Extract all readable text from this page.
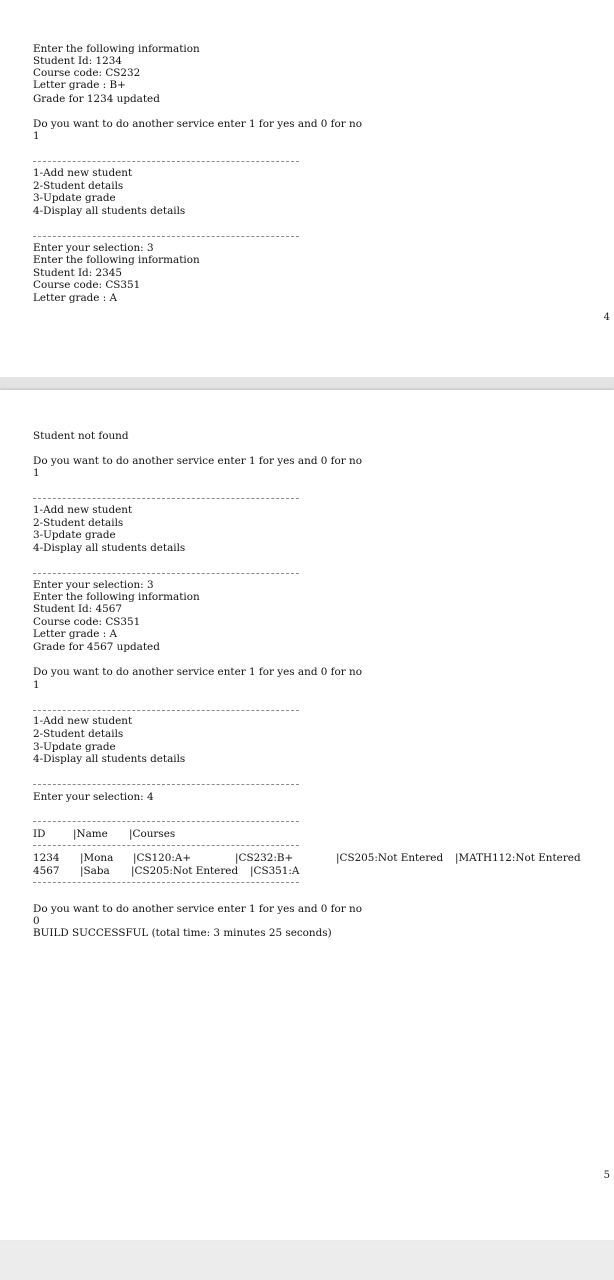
Enter the following information
Student Id: 1234
Course code: CS232
Letter grade : B+
Grade for 1234 updated
Do you want to do another service enter 1 for yes and 0 for no
1
1-Add new student
2-Student details
3-Update grade
4-Display all students details
Enter your selection: 3
Enter the following information
Student Id: 2345
Course code: CS351
Letter grade : A
4
Student not found
Do you want to do another service enter 1 for yes and 0 for no
1
1-Add new student
2-Student details
3-Update grade
4-Display all students details
Enter your selection: 3
Enter the following information
Student Id: 4567
Course code: CS351
Letter grade : A
Grade for 4567 updated
Do you want to do another service enter 1 for yes and 0 for no
1
1-Add new student
2-Student details
3-Update grade
4-Display all students details
Enter your selection: 4
ID	|Name |Courses
1234 |Mona |CS120:A+	|CS232:B+	|CS205:Not Entered |MATH112:Not Entered
4567 |Saba |CS205:Not Entered |CS351:A
Do you want to do another service enter 1 for yes and 0 for no
0
BUILD SUCCESSFUL (total time: 3 minutes 25 seconds)
5
